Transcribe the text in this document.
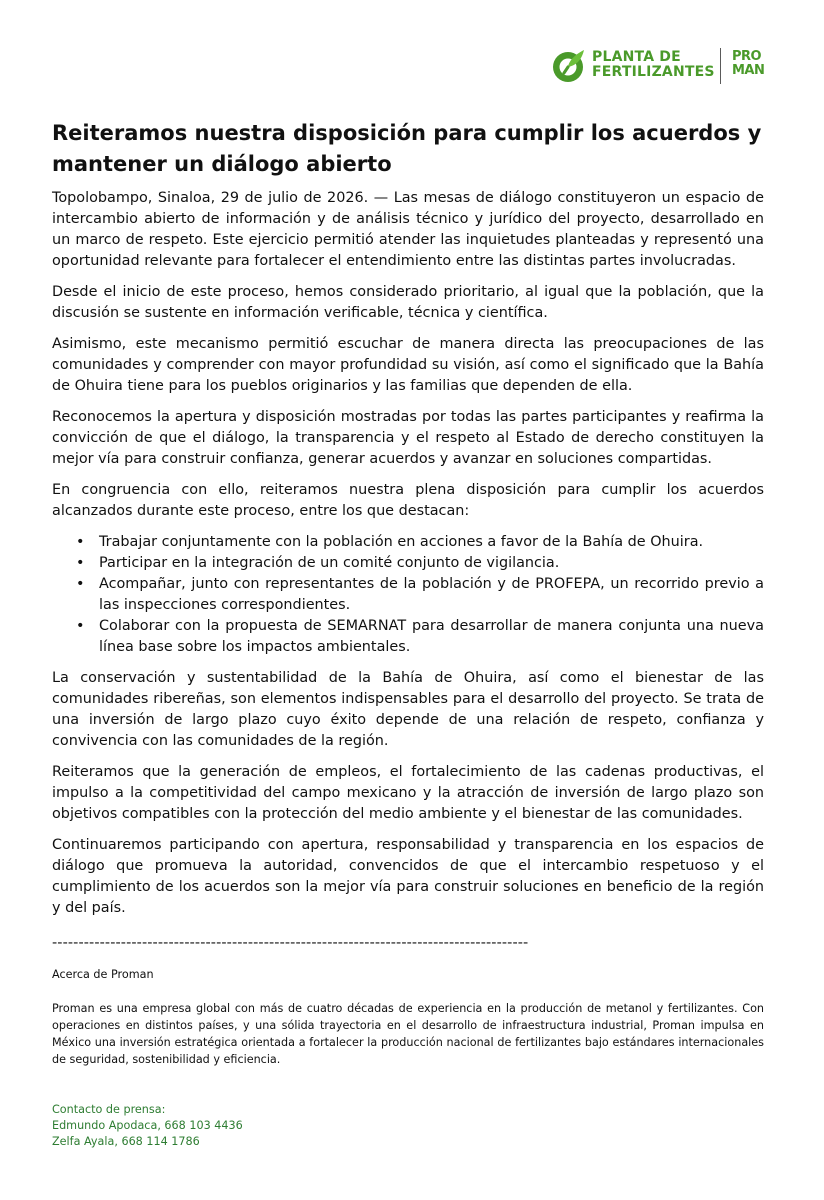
PLANTA DE
FERTILIZANTES
PRO
MAN
Reiteramos nuestra disposición para cumplir los acuerdos y mantener un diálogo abierto

Topolobampo, Sinaloa, 29 de julio de 2026. — Las mesas de diálogo constituyeron un espacio de intercambio abierto de información y de análisis técnico y jurídico del proyecto, desarrollado en un marco de respeto. Este ejercicio permitió atender las inquietudes planteadas y representó una oportunidad relevante para fortalecer el entendimiento entre las distintas partes involucradas.

Desde el inicio de este proceso, hemos considerado prioritario, al igual que la población, que la discusión se sustente en información verificable, técnica y científica.

Asimismo, este mecanismo permitió escuchar de manera directa las preocupaciones de las comunidades y comprender con mayor profundidad su visión, así como el significado que la Bahía de Ohuira tiene para los pueblos originarios y las familias que dependen de ella.

Reconocemos la apertura y disposición mostradas por todas las partes participantes y reafirma la convicción de que el diálogo, la transparencia y el respeto al Estado de derecho constituyen la mejor vía para construir confianza, generar acuerdos y avanzar en soluciones compartidas.

En congruencia con ello, reiteramos nuestra plena disposición para cumplir los acuerdos alcanzados durante este proceso, entre los que destacan:

• Trabajar conjuntamente con la población en acciones a favor de la Bahía de Ohuira.
• Participar en la integración de un comité conjunto de vigilancia.
• Acompañar, junto con representantes de la población y de PROFEPA, un recorrido previo a las inspecciones correspondientes.
• Colaborar con la propuesta de SEMARNAT para desarrollar de manera conjunta una nueva línea base sobre los impactos ambientales.

La conservación y sustentabilidad de la Bahía de Ohuira, así como el bienestar de las comunidades ribereñas, son elementos indispensables para el desarrollo del proyecto. Se trata de una inversión de largo plazo cuyo éxito depende de una relación de respeto, confianza y convivencia con las comunidades de la región.

Reiteramos que la generación de empleos, el fortalecimiento de las cadenas productivas, el impulso a la competitividad del campo mexicano y la atracción de inversión de largo plazo son objetivos compatibles con la protección del medio ambiente y el bienestar de las comunidades.

Continuaremos participando con apertura, responsabilidad y transparencia en los espacios de diálogo que promueva la autoridad, convencidos de que el intercambio respetuoso y el cumplimiento de los acuerdos son la mejor vía para construir soluciones en beneficio de la región y del país.

------------------------------------------------------------------------------------------
Acerca de Proman

Proman es una empresa global con más de cuatro décadas de experiencia en la producción de metanol y fertilizantes. Con operaciones en distintos países, y una sólida trayectoria en el desarrollo de infraestructura industrial, Proman impulsa en México una inversión estratégica orientada a fortalecer la producción nacional de fertilizantes bajo estándares internacionales de seguridad, sostenibilidad y eficiencia.

Contacto de prensa:
Edmundo Apodaca, 668 103 4436
Zelfa Ayala, 668 114 1786
